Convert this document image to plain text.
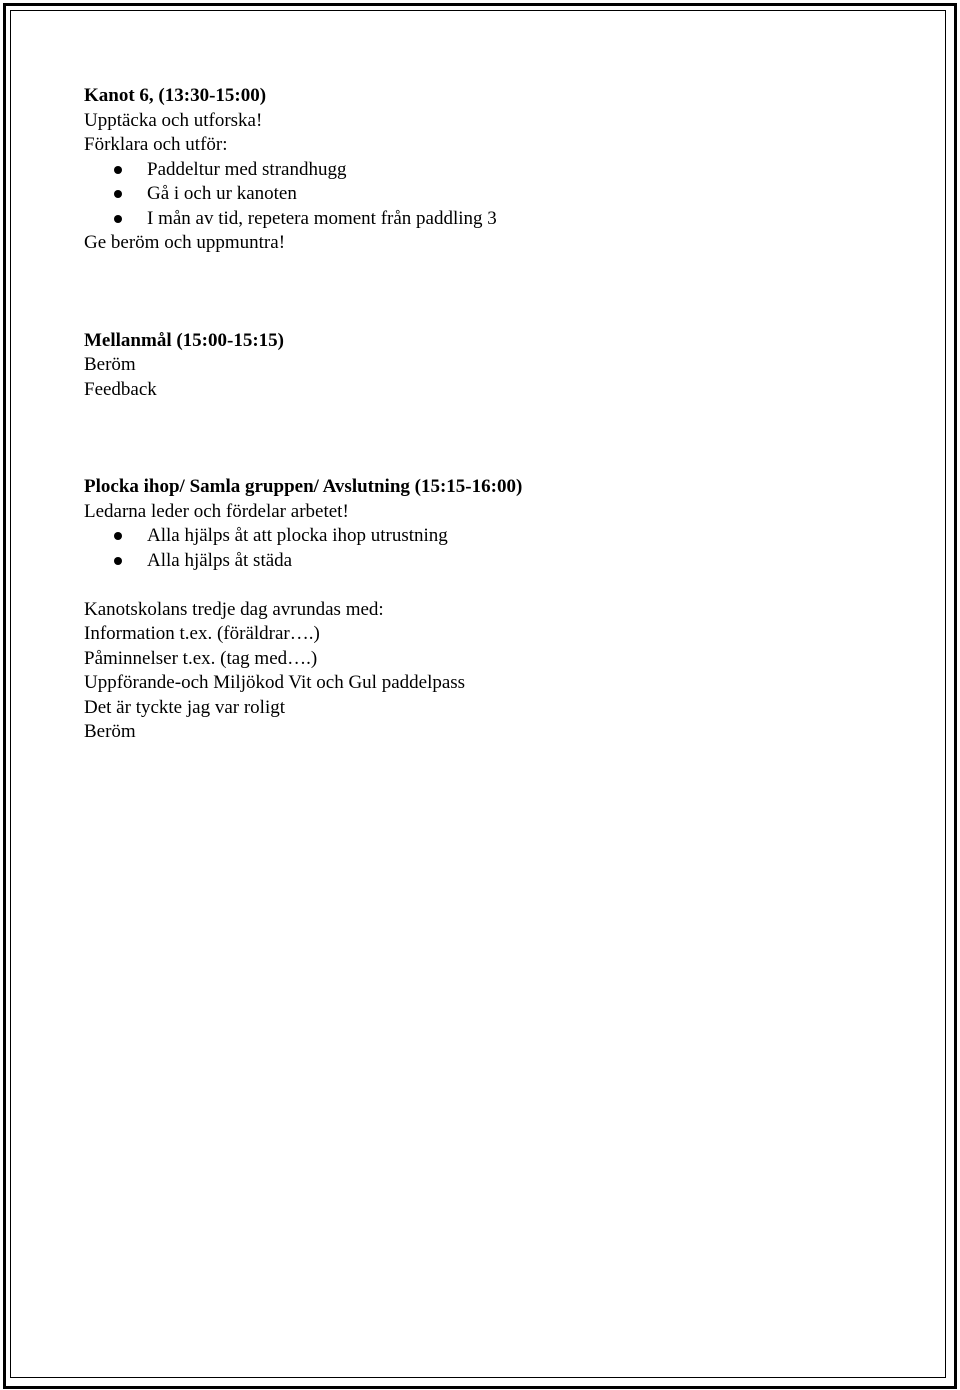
Kanot 6, (13:30-15:00)
Upptäcka och utforska!
Förklara och utför:
Paddeltur med strandhugg
Gå i och ur kanoten
I mån av tid, repetera moment från paddling 3
Ge beröm och uppmuntra!
Mellanmål (15:00-15:15)
Beröm
Feedback
Plocka ihop/ Samla gruppen/ Avslutning (15:15-16:00)
Ledarna leder och fördelar arbetet!
Alla hjälps åt att plocka ihop utrustning
Alla hjälps åt städa
Kanotskolans tredje dag avrundas med:
Information t.ex. (föräldrar….)
Påminnelser t.ex. (tag med….)
Uppförande-och Miljökod Vit och Gul paddelpass
Det är tyckte jag var roligt
Beröm
